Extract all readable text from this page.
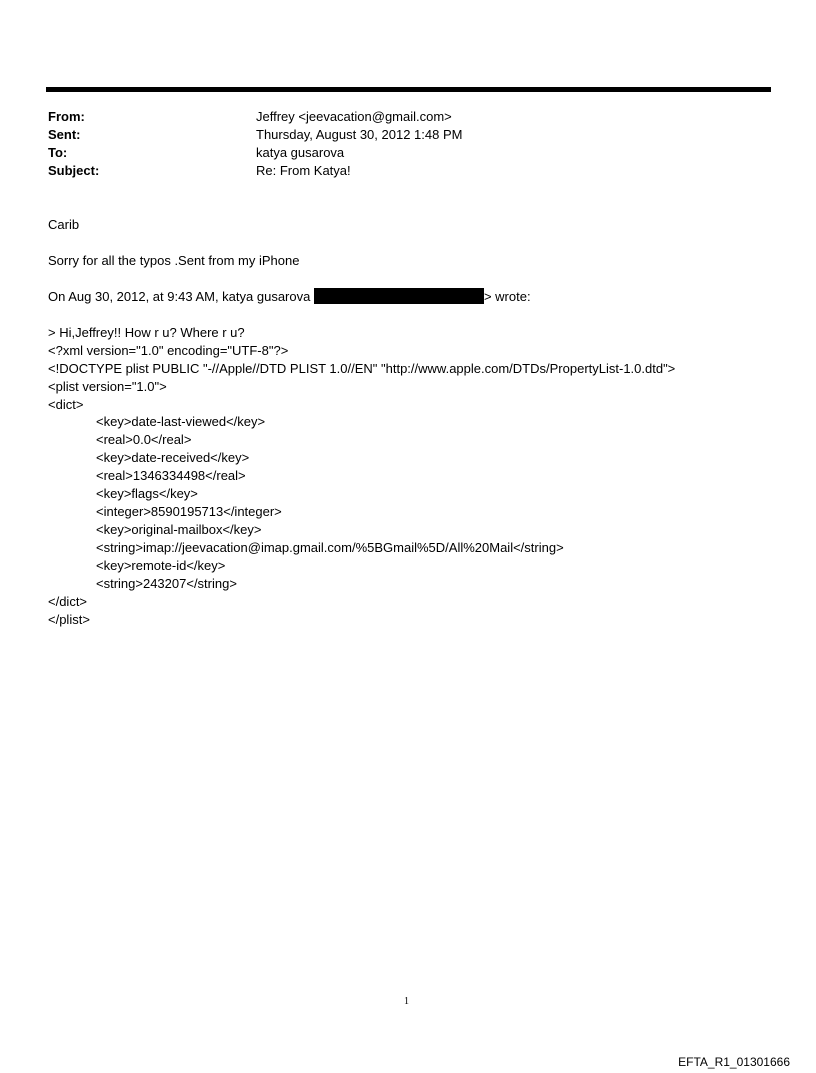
From:	Jeffrey <jeevacation@gmail.com>
Sent:	Thursday, August 30, 2012 1:48 PM
To:	katya gusarova
Subject:	Re: From Katya!
Carib
Sorry for all the typos .Sent from my iPhone
On Aug 30, 2012, at 9:43 AM, katya gusarova	> wrote:
> Hi,Jeffrey!! How r u? Where r u?
<?xml version="1.0" encoding="UTF-8"?>
<!DOCTYPE plist PUBLIC "-//Apple//DTD PLIST 1.0//EN" "http://www.apple.com/DTDs/PropertyList-1.0.dtd">
<plist version="1.0">
<dict>
<key>date-last-viewed</key>
<real>0.0</real>
<key>date-received</key>
<real>1346334498</real>
<key>flags</key>
<integer>8590195713</integer>
<key>original-mailbox</key>
<string>imap://jeevacation@imap.gmail.com/%5BGmail%5D/All%20Mail</string>
<key>remote-id</key>
<string>243207</string>
</dict>
</plist>
1
EFTA_R1_01301666
